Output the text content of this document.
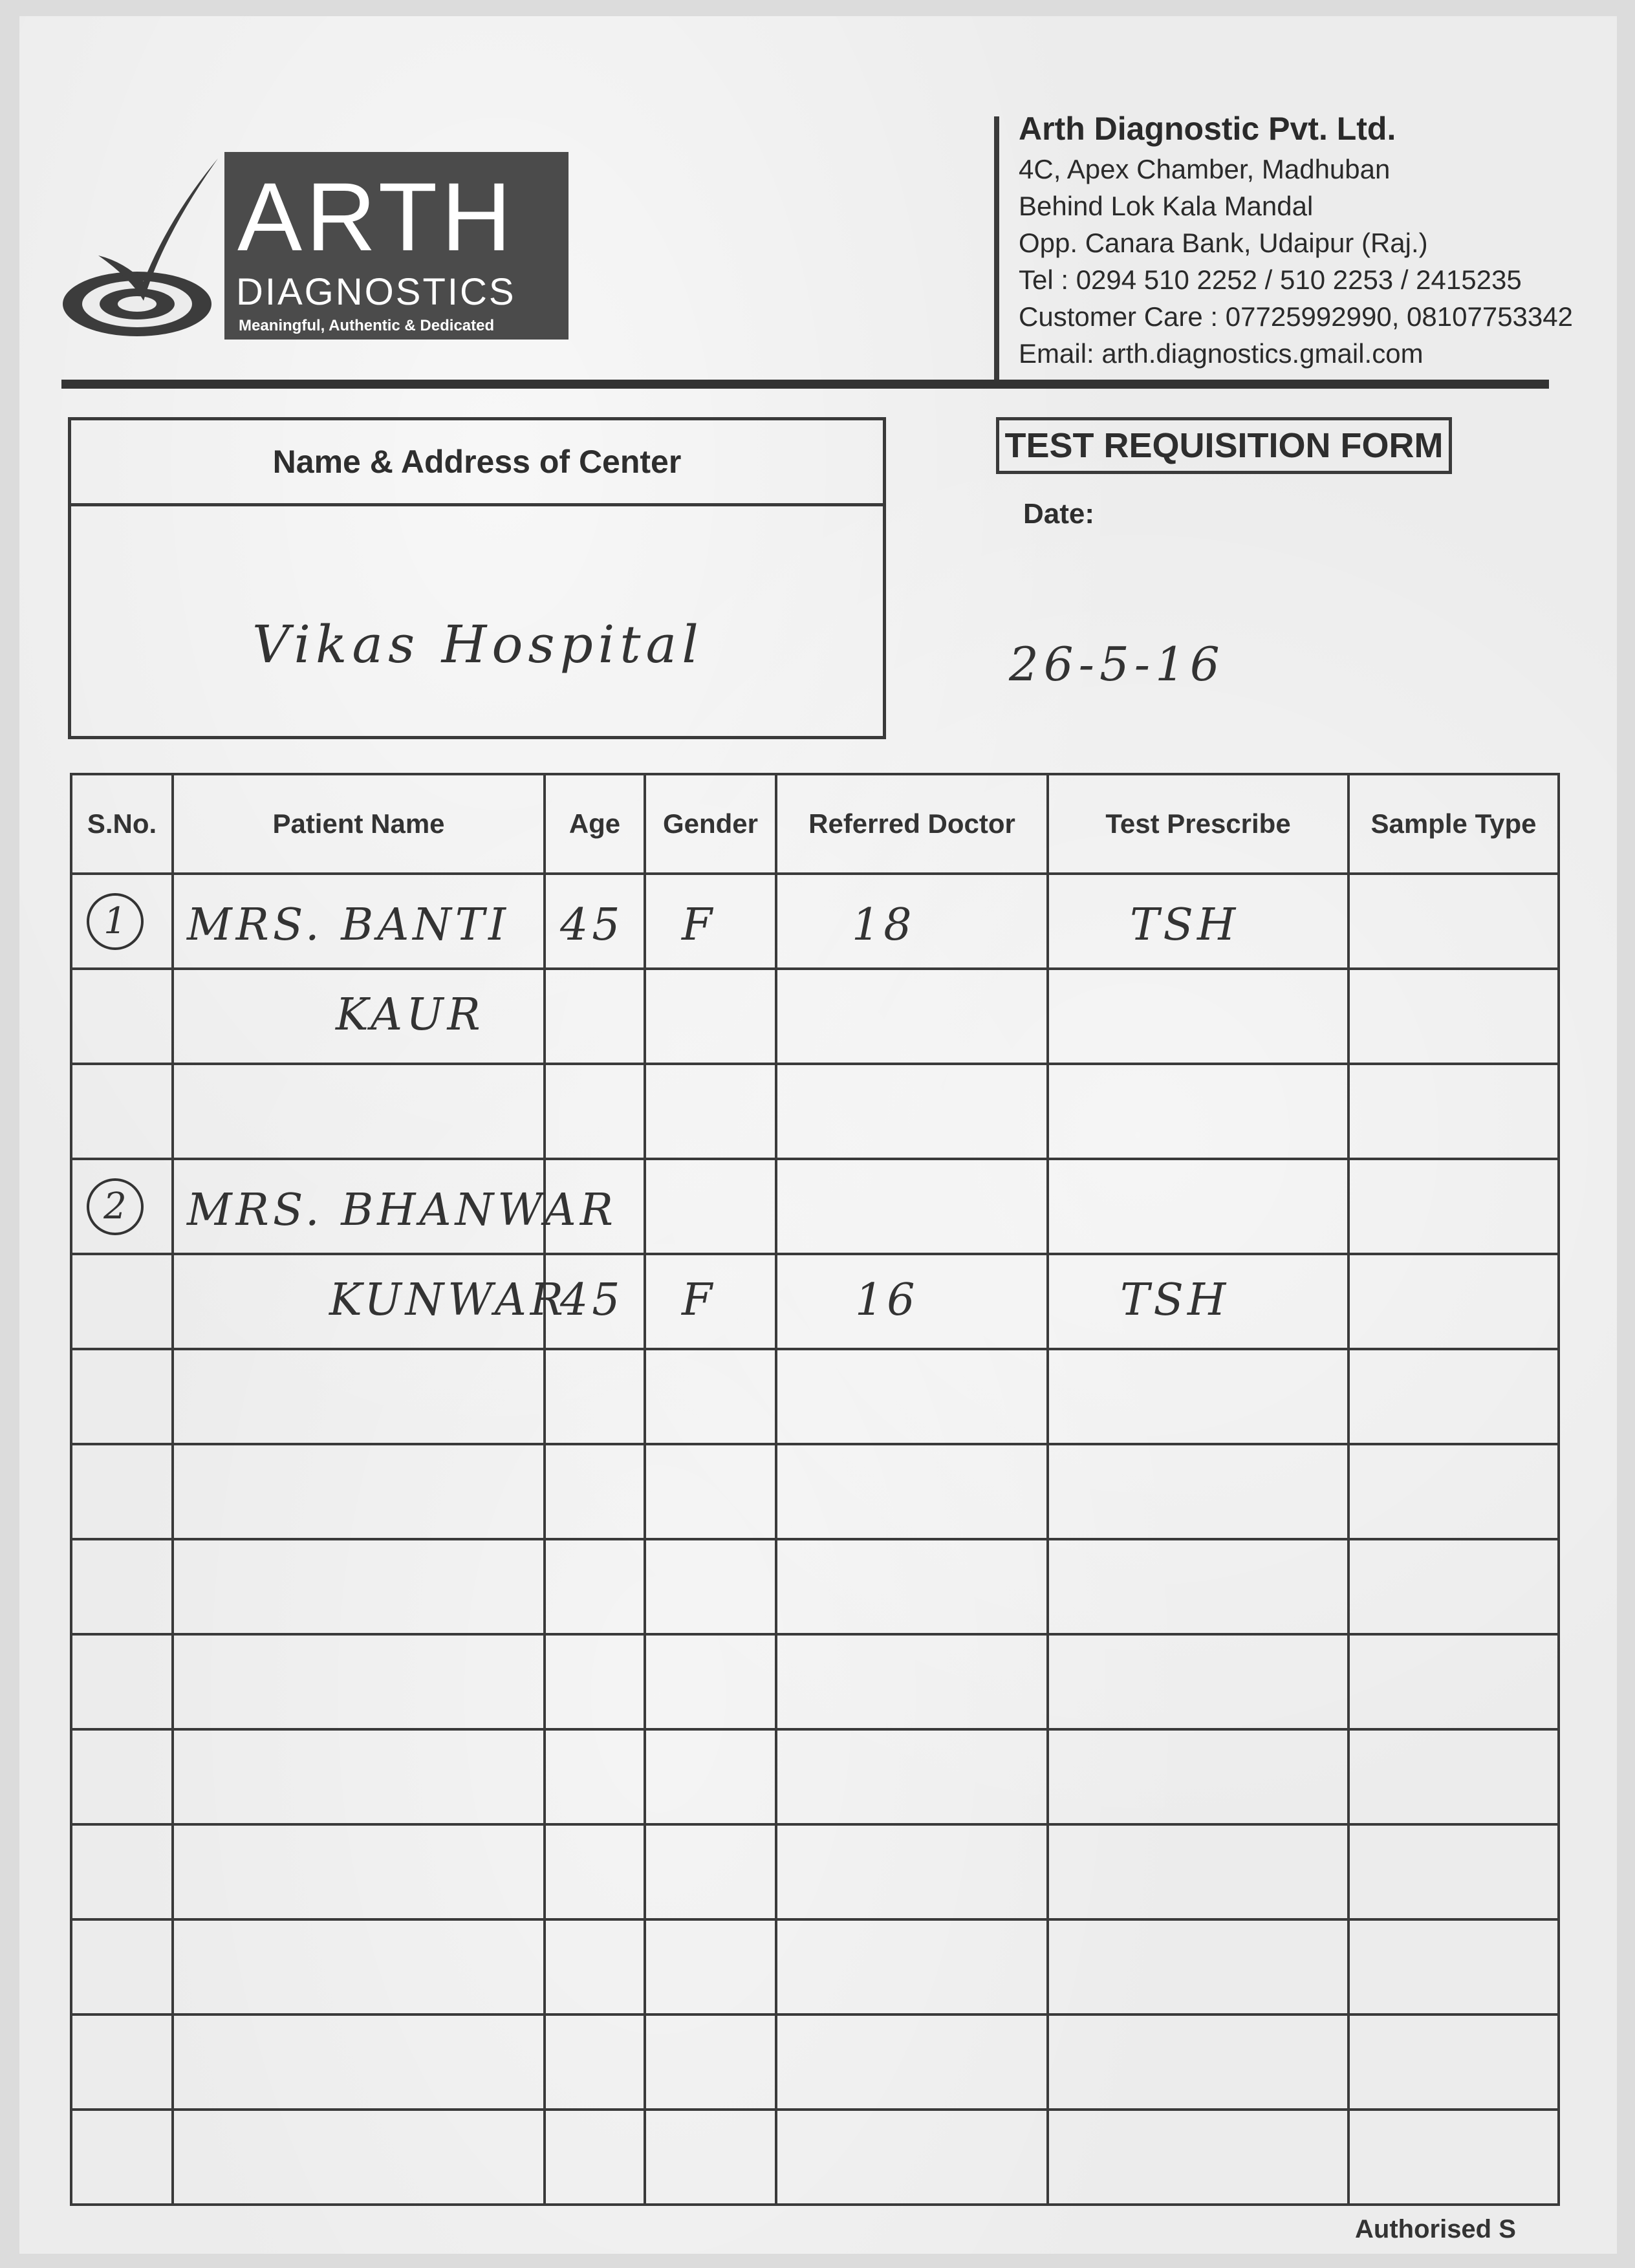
ARTH
DIAGNOSTICS
Meaningful, Authentic & Dedicated
Arth Diagnostic Pvt. Ltd.
4C, Apex Chamber, Madhuban
Behind Lok Kala Mandal
Opp. Canara Bank, Udaipur (Raj.)
Tel : 0294 510 2252 / 510 2253 / 2415235
Customer Care : 07725992990, 08107753342
Email: arth.diagnostics.gmail.com
Name & Address of Center
Vikas Hospital
TEST REQUISITION FORM
Date:
26-5-16
S.No.	Patient Name	Age	Gender	Referred Doctor	Test Prescribe	Sample Type

1	MRS. BANTI	45	F	18	TSH	

	KAUR					

2	MRS. BHANWAR					

	KUNWAR	45	F	16	TSH	

Authorised S
